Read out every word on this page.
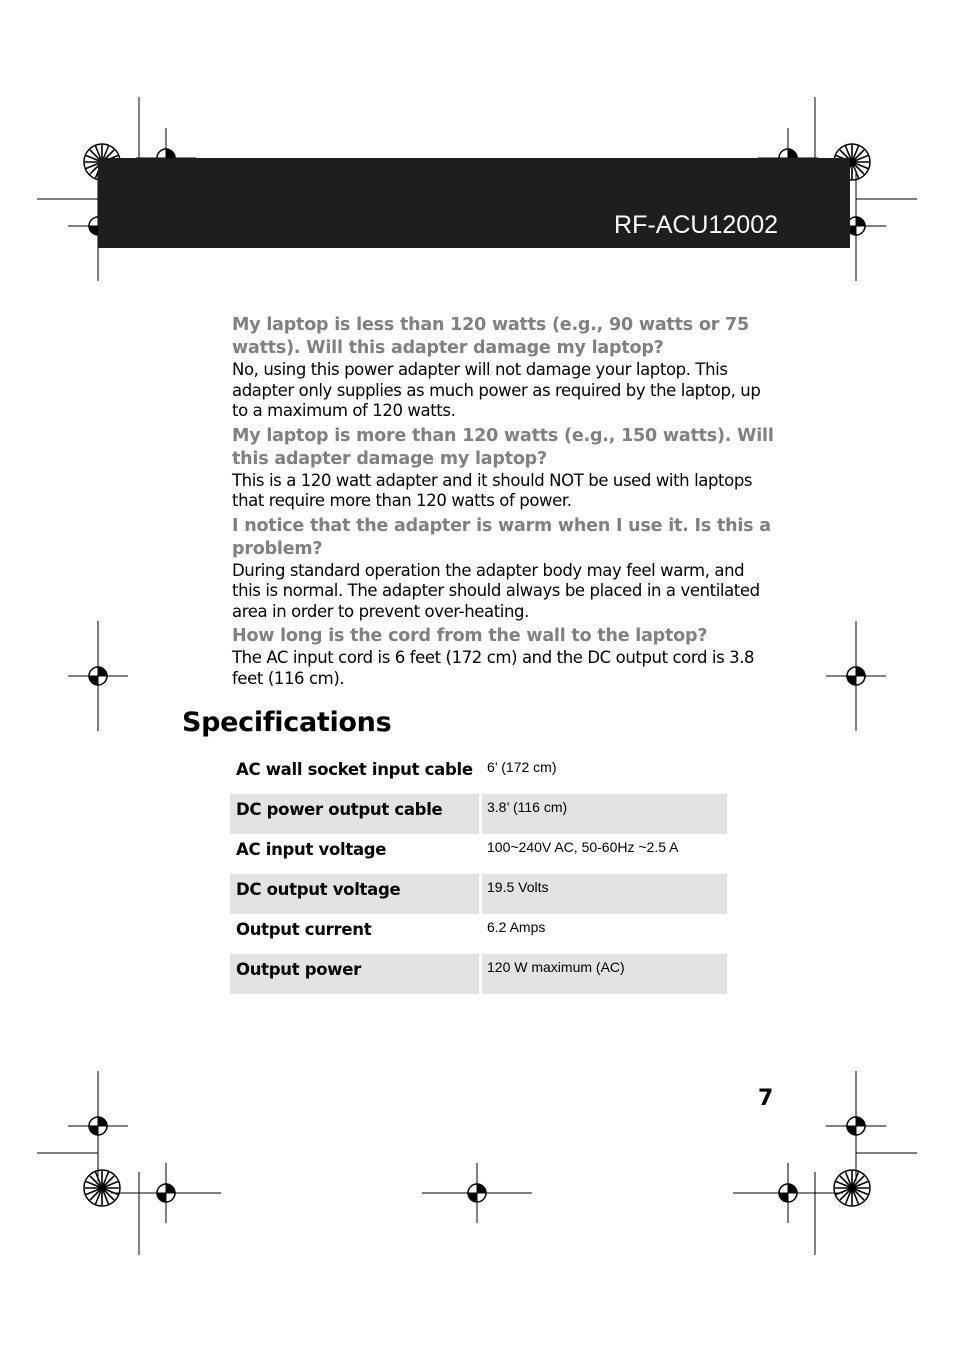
RF-ACU12002

My laptop is less than 120 watts (e.g., 90 watts or 75 watts). Will this adapter damage my laptop?

No, using this power adapter will not damage your laptop. This adapter only supplies as much power as required by the laptop, up to a maximum of 120 watts.

My laptop is more than 120 watts (e.g., 150 watts). Will this adapter damage my laptop?

This is a 120 watt adapter and it should NOT be used with laptops that require more than 120 watts of power.

I notice that the adapter is warm when I use it. Is this a problem?

During standard operation the adapter body may feel warm, and this is normal. The adapter should always be placed in a ventilated area in order to prevent over-heating.

How long is the cord from the wall to the laptop?

The AC input cord is 6 feet (172 cm) and the DC output cord is 3.8 feet (116 cm).

Specifications
AC wall socket input cable	6’ (172 cm)
DC power output cable	3.8’ (116 cm)
AC input voltage	100~240V AC, 50-60Hz ~2.5 A
DC output voltage	19.5 Volts
Output current	6.2 Amps
Output power	120 W maximum (AC)
7
